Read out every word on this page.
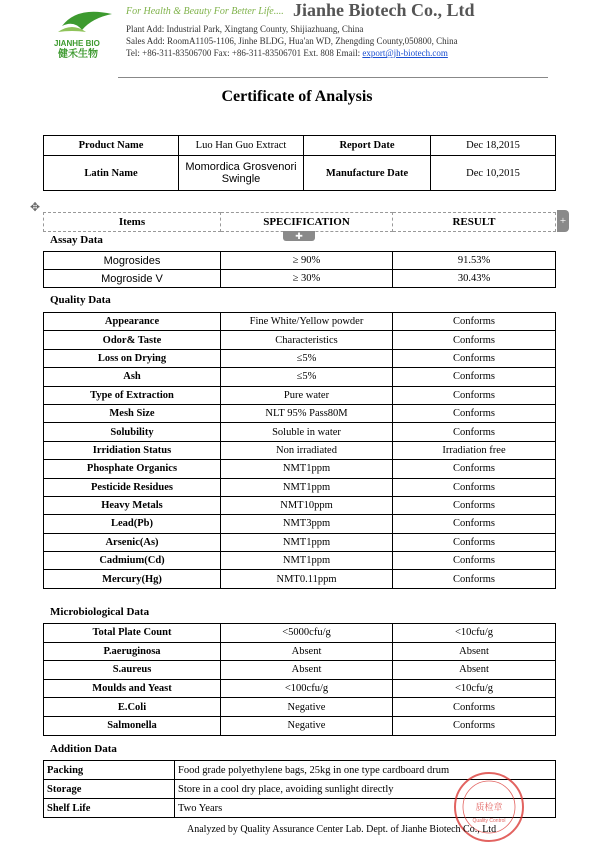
JIANHE BIO
健禾生物
For Health & Beauty For Better Life.... Jianhe Biotech Co., Ltd
Plant Add: Industrial Park, Xingtang County, Shijiazhuang, China
Sales Add: RoomA1105-1106, Jinhe BLDG, Hua'an WD, Zhengding County,050800, China
Tel: +86-311-83506700 Fax: +86-311-83506701 Ext. 808 Email: export@jh-biotech.com
Certificate of Analysis
Product Name	Luo Han Guo Extract	Report Date	Dec 18,2015
Latin Name	Momordica Grosvenori Swingle	Manufacture Date	Dec 10,2015
✥
Items	SPECIFICATION	RESULT
✚
+
Assay Data
Mogrosides	≥ 90%	91.53%
Mogroside V	≥ 30%	30.43%
Quality Data
Appearance	Fine White/Yellow powder	Conforms
Odor& Taste	Characteristics	Conforms
Loss on Drying	≤5%	Conforms
Ash	≤5%	Conforms
Type of Extraction	Pure water	Conforms
Mesh Size	NLT 95% Pass80M	Conforms
Solubility	Soluble in water	Conforms
Irridiation Status	Non irradiated	Irradiation free
Phosphate Organics	NMT1ppm	Conforms
Pesticide Residues	NMT1ppm	Conforms
Heavy Metals	NMT10ppm	Conforms
Lead(Pb)	NMT3ppm	Conforms
Arsenic(As)	NMT1ppm	Conforms
Cadmium(Cd)	NMT1ppm	Conforms
Mercury(Hg)	NMT0.11ppm	Conforms
Microbiological Data
Total Plate Count	<5000cfu/g	<10cfu/g
P.aeruginosa	Absent	Absent
S.aureus	Absent	Absent
Moulds and Yeast	<100cfu/g	<10cfu/g
E.Coli	Negative	Conforms
Salmonella	Negative	Conforms
Addition Data
Packing	Food grade polyethylene bags, 25kg in one type cardboard drum
Storage	Store in a cool dry place, avoiding sunlight directly
Shelf Life	Two Years	质检章
Quality Control
Analyzed by Quality Assurance Center Lab. Dept. of Jianhe Biotech Co., Ltd
